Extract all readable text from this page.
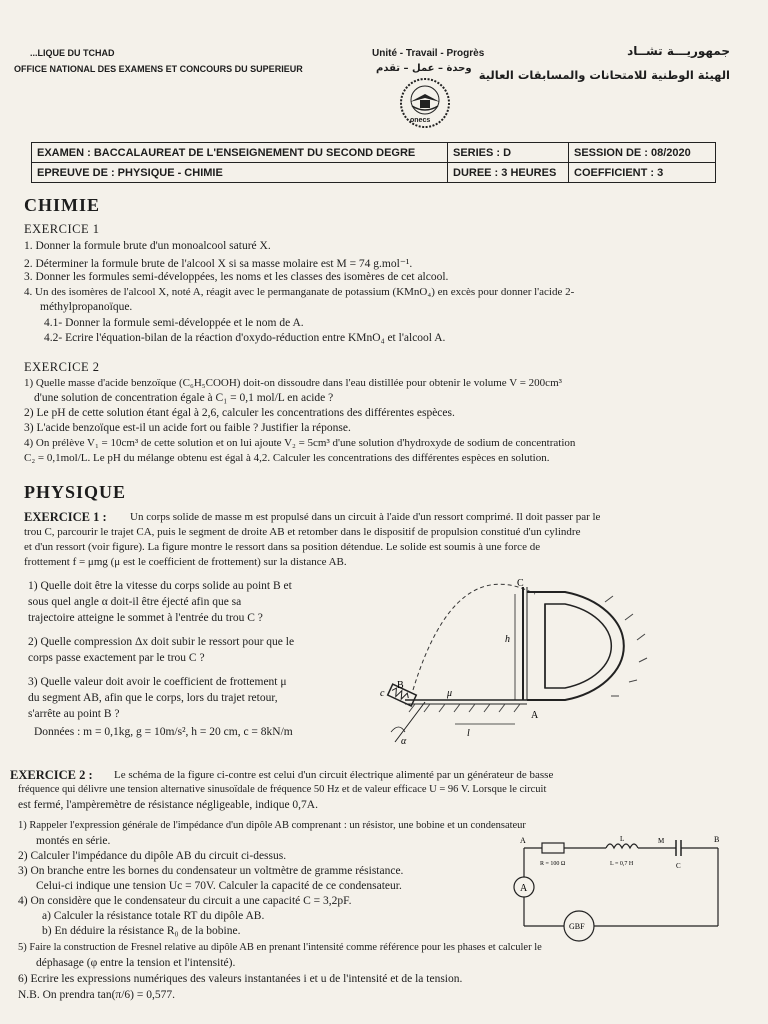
...LIQUE DU TCHAD
OFFICE NATIONAL DES EXAMENS ET CONCOURS DU SUPERIEUR
Unité - Travail - Progrès
وحدة – عمل – تقدم
جمهوريـــة تشــاد
الهيئة الوطنية للامتحانات والمسابقات العالية
onecs
EXAMEN : BACCALAUREAT DE L'ENSEIGNEMENT DU SECOND DEGRE	SERIES : D	SESSION DE : 08/2020
EPREUVE DE : PHYSIQUE - CHIMIE	DUREE : 3 HEURES	COEFFICIENT : 3
CHIMIE
EXERCICE 1
1. Donner la formule brute d'un monoalcool saturé X.
2. Déterminer la formule brute de l'alcool X si sa masse molaire est M = 74 g.mol⁻¹.
3. Donner les formules semi-développées, les noms et les classes des isomères de cet alcool.
4. Un des isomères de l'alcool X, noté A, réagit avec le permanganate de potassium (KMnO₄) en excès pour donner l'acide 2-
méthylpropanoïque.
4.1- Donner la formule semi-développée et le nom de A.
4.2- Ecrire l'équation-bilan de la réaction d'oxydo-réduction entre KMnO₄ et l'alcool A.
EXERCICE 2
1) Quelle masse d'acide benzoïque (C₆H₅COOH) doit-on dissoudre dans l'eau distillée pour obtenir le volume V = 200cm³
d'une solution de concentration égale à C₁ = 0,1 mol/L en acide ?
2) Le pH de cette solution étant égal à 2,6, calculer les concentrations des différentes espèces.
3) L'acide benzoïque est-il un acide fort ou faible ? Justifier la réponse.
4) On prélève V₁ = 10cm³ de cette solution et on lui ajoute V₂ = 5cm³ d'une solution d'hydroxyde de sodium de concentration
C₂ = 0,1mol/L. Le pH du mélange obtenu est égal à 4,2. Calculer les concentrations des différentes espèces en solution.
PHYSIQUE
EXERCICE 1 : Un corps solide de masse m est propulsé dans un circuit à l'aide d'un ressort comprimé. Il doit passer par le
trou C, parcourir le trajet CA, puis le segment de droite AB et retomber dans le dispositif de propulsion constitué d'un cylindre
et d'un ressort (voir figure). La figure montre le ressort dans sa position détendue. Le solide est soumis à une force de
frottement f = μmg (μ est le coefficient de frottement) sur la distance AB.
1) Quelle doit être la vitesse du corps solide au point B et
sous quel angle α doit-il être éjecté afin que sa
trajectoire atteigne le sommet à l'entrée du trou C ?
2) Quelle compression Δx doit subir le ressort pour que le
corps passe exactement par le trou C ?
3) Quelle valeur doit avoir le coefficient de frottement μ
du segment AB, afin que le corps, lors du trajet retour,
s'arrête au point B ?
Données : m = 0,1kg, g = 10m/s², h = 20 cm, c = 8kN/m
C
h
B
c	μ
A
l
α
EXERCICE 2 : Le schéma de la figure ci-contre est celui d'un circuit électrique alimenté par un générateur de basse
fréquence qui délivre une tension alternative sinusoïdale de fréquence 50 Hz et de valeur efficace U = 96 V. Lorsque le circuit
est fermé, l'ampèremètre de résistance négligeable, indique 0,7A.
1) Rappeler l'expression générale de l'impédance d'un dipôle AB comprenant : un résistor, une bobine et un condensateur
montés en série.
2) Calculer l'impédance du dipôle AB du circuit ci-dessus.
3) On branche entre les bornes du condensateur un voltmètre de gramme résistance.
Celui-ci indique une tension Uc = 70V. Calculer la capacité de ce condensateur.
4) On considère que le condensateur du circuit a une capacité C = 3,2pF.
a) Calculer la résistance totale RT du dipôle AB.
b) En déduire la résistance R₀ de la bobine.
5) Faire la construction de Fresnel relative au dipôle AB en prenant l'intensité comme référence pour les phases et calculer le
déphasage (φ entre la tension et l'intensité).
6) Ecrire les expressions numériques des valeurs instantanées i et u de l'intensité et de la tension.
N.B. On prendra tan(π/6) = 0,577.
A
R = 100 Ω
L
L = 0,7 H
M
C
B
A
GBF
